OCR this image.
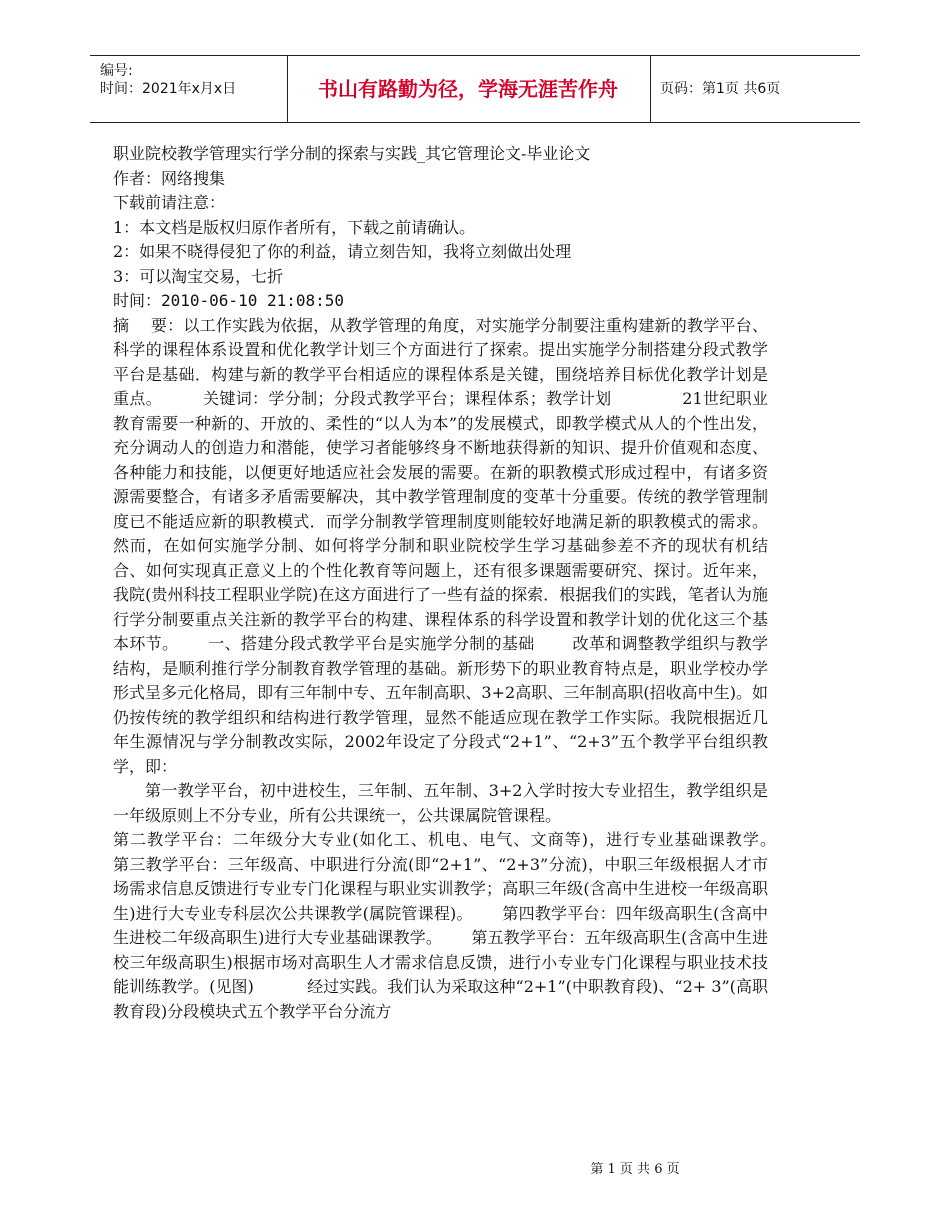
编号:
时间：2021年x月x日	书山有路勤为径，学海无涯苦作舟	页码：第1页 共6页

职业院校教学管理实行学分制的探索与实践_其它管理论文-毕业论文

作者：网络搜集

下载前请注意：

1：本文档是版权归原作者所有，下载之前请确认。

2：如果不晓得侵犯了你的利益，请立刻告知，我将立刻做出处理

3：可以淘宝交易，七折

时间：2010-06-10 21:08:50

摘　 要：以工作实践为依据，从教学管理的角度，对实施学分制要注重构建新的教学平台、科学的课程体系设置和优化教学计划三个方面进行了探索。提出实施学分制搭建分段式教学平台是基础．构建与新的教学平台相适应的课程体系是关键，围绕培养目标优化教学计划是重点。　　　关键词：学分制；分段式教学平台；课程体系；教学计划　　　　 21世纪职业教育需要一种新的、开放的、柔性的“以人为本”的发展模式，即教学模式从人的个性出发，充分调动人的创造力和潜能，使学习者能够终身不断地获得新的知识、提升价值观和态度、各种能力和技能，以便更好地适应社会发展的需要。在新的职教模式形成过程中，有诸多资源需要整合，有诸多矛盾需要解决，其中教学管理制度的变革十分重要。传统的教学管理制度已不能适应新的职教模式．而学分制教学管理制度则能较好地满足新的职教模式的需求。然而，在如何实施学分制、如何将学分制和职业院校学生学习基础参差不齐的现状有机结合、如何实现真正意义上的个性化教育等问题上，还有很多课题需要研究、探讨。近年来，我院(贵州科技工程职业学院)在这方面进行了一些有益的探索．根据我们的实践，笔者认为施行学分制要重点关注新的教学平台的构建、课程体系的科学设置和教学计划的优化这三个基本环节。　　 一、搭建分段式教学平台是实施学分制的基础　　 改革和调整教学组织与教学结构，是顺利推行学分制教育教学管理的基础。新形势下的职业教育特点是，职业学校办学形式呈多元化格局，即有三年制中专、五年制高职、3+2高职、三年制高职(招收高中生)。如仍按传统的教学组织和结构进行教学管理，显然不能适应现在教学工作实际。我院根据近几年生源情况与学分制教改实际，2002年设定了分段式“2+1”、“2+3”五个教学平台组织教学，即：

第一教学平台，初中进校生，三年制、五年制、3+2入学时按大专业招生，教学组织是一年级原则上不分专业，所有公共课统一，公共课属院管课程。

第二教学平台：二年级分大专业(如化工、机电、电气、文商等)，进行专业基础课教学。　　 第三教学平台：三年级高、中职进行分流(即“2+1”、“2+3”分流)，中职三年级根据人才市场需求信息反馈进行专业专门化课程与职业实训教学；高职三年级(含高中生进校一年级高职生)进行大专业专科层次公共课教学(属院管课程)。　　 第四教学平台：四年级高职生(含高中生进校二年级高职生)进行大专业基础课教学。　　 第五教学平台：五年级高职生(含高中生进校三年级高职生)根据市场对高职生人才需求信息反馈，进行小专业专门化课程与职业技术技能训练教学。(见图)　　　 经过实践。我们认为采取这种“2+1”(中职教育段)、“2+ 3”(高职教育段)分段模块式五个教学平台分流方

第 1 页 共 6 页
